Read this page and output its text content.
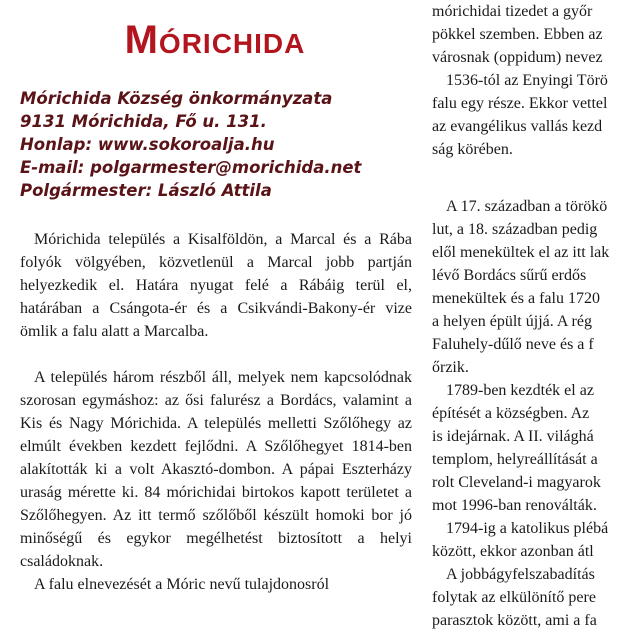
Mórichida
Mórichida Község önkormányzata
9131 Mórichida, Fő u. 131.
Honlap: www.sokoroalja.hu
E-mail: polgarmester@morichida.net
Polgármester: László Attila

Mórichida település a Kisalföldön, a Marcal és a Rába folyók völgyében, közvetlenül a Marcal jobb partján helyezkedik el. Határa nyugat felé a Rábáig terül el, határában a Csángota-ér és a Csikvándi-Bakony-ér vize ömlik a falu alatt a Marcalba.

A település három részből áll, melyek nem kapcsolódnak szorosan egymáshoz: az ősi falurész a Bordács, valamint a Kis és Nagy Mórichida. A település melletti Szőlőhegy az elmúlt években kezdett fejlődni. A Szőlőhegyet 1814-ben alakították ki a volt Akasztó-dombon. A pápai Eszterházy uraság mérette ki. 84 mórichidai birtokos kapott területet a Szőlőhegyen. Az itt termő szőlőből készült homoki bor jó minőségű és egykor megélhetést biztosított a helyi családoknak.

A falu elnevezését a Móric nevű tulajdonosról

mórichidai tizedet a győr
pökkel szemben. Ebben az
városnak (oppidum) nevez
1536-tól az Enyingi Törö
falu egy része. Ekkor vettel
az evangélikus vallás kezd
ság körében.
A 17. században a törökö
lut, a 18. században pedig
elől menekültek el az itt lak
lévő Bordács sűrű erdős
menekültek és a falu 1720
a helyen épült újjá. A rég
Faluhely-dűlő neve és a f
őrzik.
1789-ben kezdték el az
építését a községben. Az
is idejárnak. A II. világhá
templom, helyreállítását a
rolt Cleveland-i magyarok
mot 1996-ban renoválták.
1794-ig a katolikus plébá
között, ekkor azonban átl
A jobbágyfelszabadítás
folytak az elkülönítő pere
parasztok között, ami a fa
